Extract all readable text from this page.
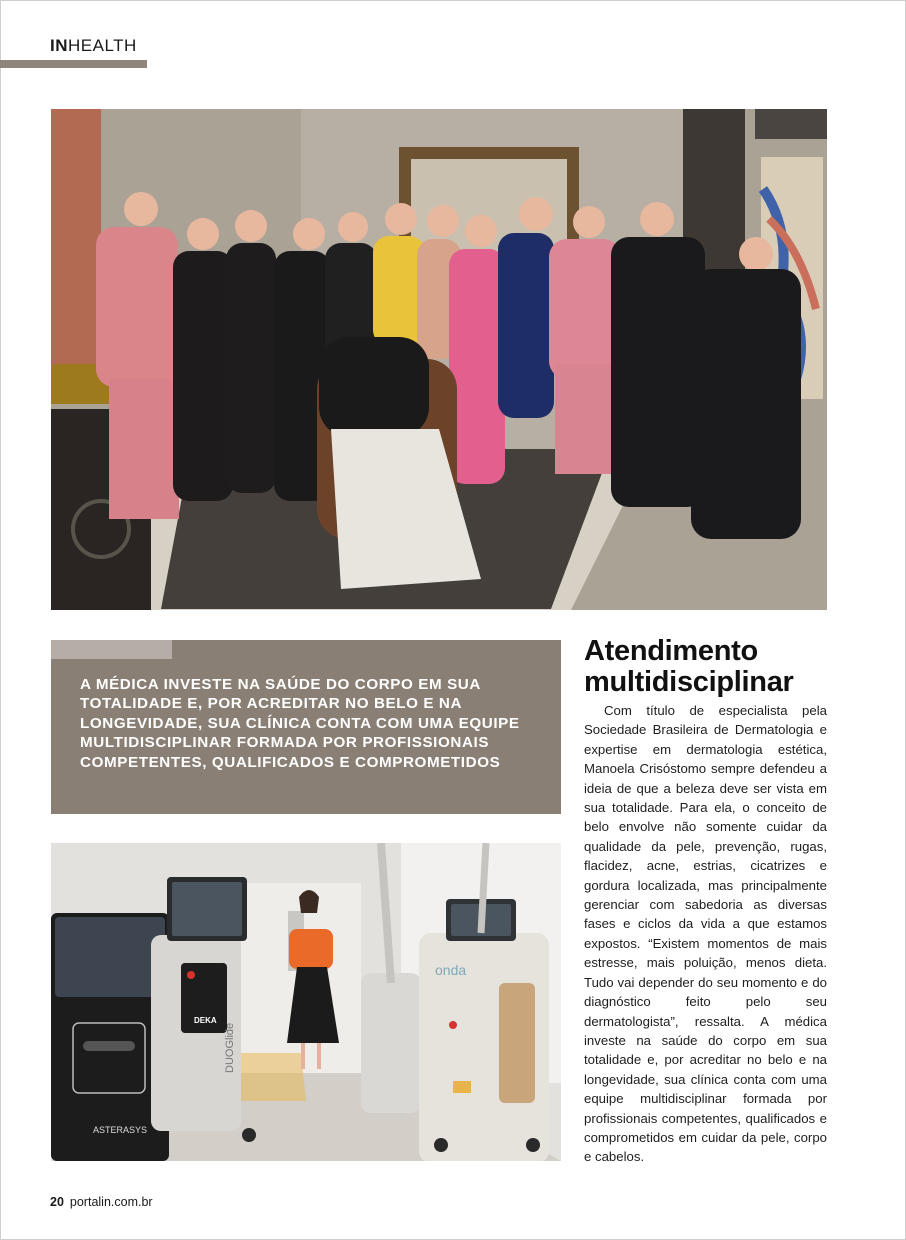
INHEALTH
A MÉDICA INVESTE NA SAÚDE DO CORPO EM SUA TOTALIDADE E, POR ACREDITAR NO BELO E NA LONGEVIDADE, SUA CLÍNICA CONTA COM UMA EQUIPE MULTIDISCIPLINAR FORMADA POR PROFISSIONAIS COMPETENTES, QUALIFICADOS E COMPROMETIDOS
ASTERASYS
DEKA
DUOGlide
onda
Atendimento multidisciplinar
Com título de especialista pela Sociedade Brasileira de Dermatologia e expertise em dermatologia estética, Manoela Crisóstomo sempre defendeu a ideia de que a beleza deve ser vista em sua totalidade. Para ela, o conceito de belo envolve não somente cuidar da qualidade da pele, prevenção, rugas, flacidez, acne, estrias, cicatrizes e gordura localizada, mas principalmente gerenciar com sabedoria as diversas fases e ciclos da vida a que estamos expostos. “Existem momentos de mais estresse, mais poluição, menos dieta. Tudo vai depender do seu momento e do diagnóstico feito pelo seu dermatologista”, ressalta. A médica investe na saúde do corpo em sua totalidade e, por acreditar no belo e na longevidade, sua clínica conta com uma equipe multidisciplinar formada por profissionais competentes, qualificados e comprometidos em cuidar da pele, corpo e cabelos.
20 portalin.com.br
